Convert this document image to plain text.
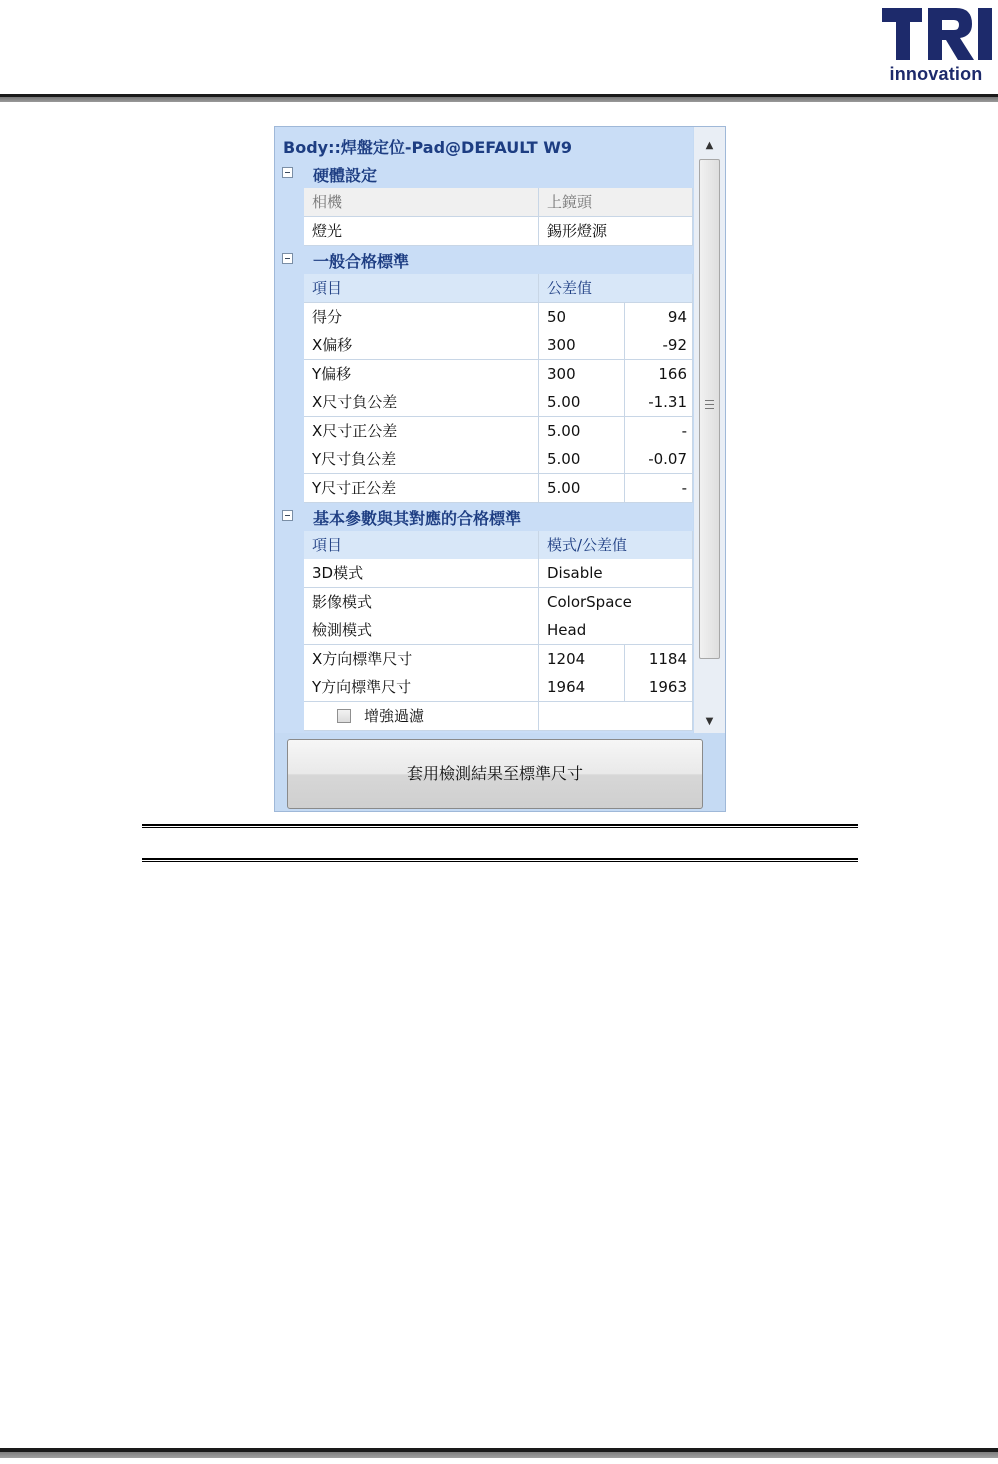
innovation
Body::焊盤定位-Pad@DEFAULT W9
硬體設定
相機	上鏡頭
燈光	錫形燈源
一般合格標準
項目	公差值
得分	50	94
X偏移	300	-92
Y偏移	300	166
X尺寸負公差	5.00	-1.31
X尺寸正公差	5.00	-
Y尺寸負公差	5.00	-0.07
Y尺寸正公差	5.00	-
基本參數與其對應的合格標準
項目	模式/公差值
3D模式	Disable
影像模式	ColorSpace
檢測模式	Head
X方向標準尺寸	1204	1184
Y方向標準尺寸	1964	1963
增強過濾
▲
▼
套用檢測結果至標準尺寸
